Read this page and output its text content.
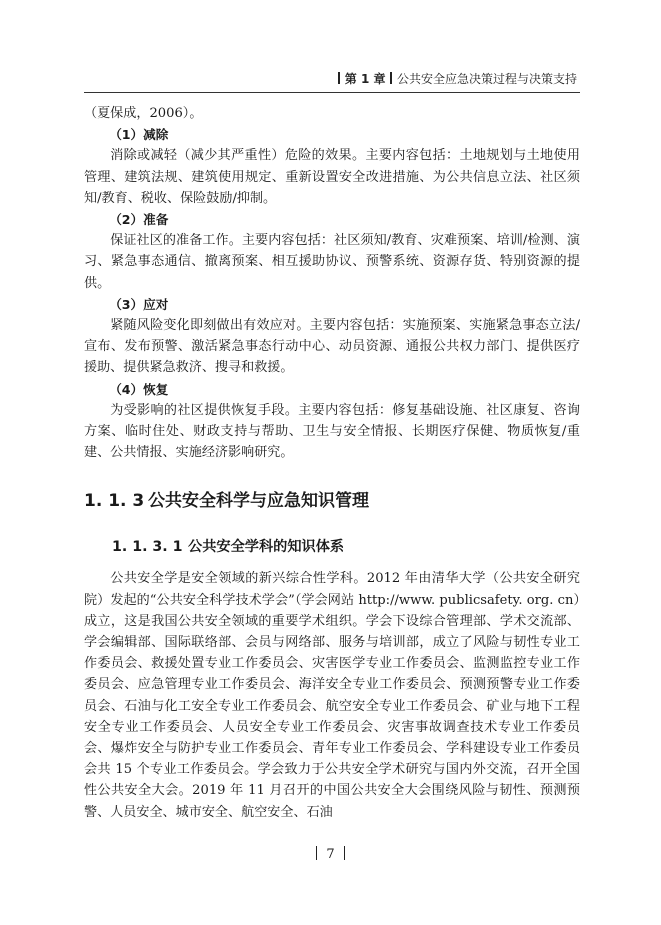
第 1 章 公共安全应急决策过程与决策支持

（夏保成，2006）。

（1）减除

消除或减轻（减少其严重性）危险的效果。主要内容包括：土地规划与土地使用管理、建筑法规、建筑使用规定、重新设置安全改进措施、为公共信息立法、社区须知/教育、税收、保险鼓励/抑制。

（2）准备

保证社区的准备工作。主要内容包括：社区须知/教育、灾难预案、培训/检测、演习、紧急事态通信、撤离预案、相互援助协议、预警系统、资源存货、特别资源的提供。

（3）应对

紧随风险变化即刻做出有效应对。主要内容包括：实施预案、实施紧急事态立法/宣布、发布预警、激活紧急事态行动中心、动员资源、通报公共权力部门、提供医疗援助、提供紧急救济、搜寻和救援。

（4）恢复

为受影响的社区提供恢复手段。主要内容包括：修复基础设施、社区康复、咨询方案、临时住处、财政支持与帮助、卫生与安全情报、长期医疗保健、物质恢复/重建、公共情报、实施经济影响研究。

1. 1. 3 公共安全科学与应急知识管理
1. 1. 3. 1 公共安全学科的知识体系

公共安全学是安全领域的新兴综合性学科。2012 年由清华大学（公共安全研究院）发起的“公共安全科学技术学会”（学会网站 http://www. publicsafety. org. cn）成立，这是我国公共安全领域的重要学术组织。学会下设综合管理部、学术交流部、学会编辑部、国际联络部、会员与网络部、服务与培训部，成立了风险与韧性专业工作委员会、救援处置专业工作委员会、灾害医学专业工作委员会、监测监控专业工作委员会、应急管理专业工作委员会、海洋安全专业工作委员会、预测预警专业工作委员会、石油与化工安全专业工作委员会、航空安全专业工作委员会、矿业与地下工程安全专业工作委员会、人员安全专业工作委员会、灾害事故调查技术专业工作委员会、爆炸安全与防护专业工作委员会、青年专业工作委员会、学科建设专业工作委员会共 15 个专业工作委员会。学会致力于公共安全学术研究与国内外交流，召开全国性公共安全大会。2019 年 11 月召开的中国公共安全大会围绕风险与韧性、预测预警、人员安全、城市安全、航空安全、石油

7
